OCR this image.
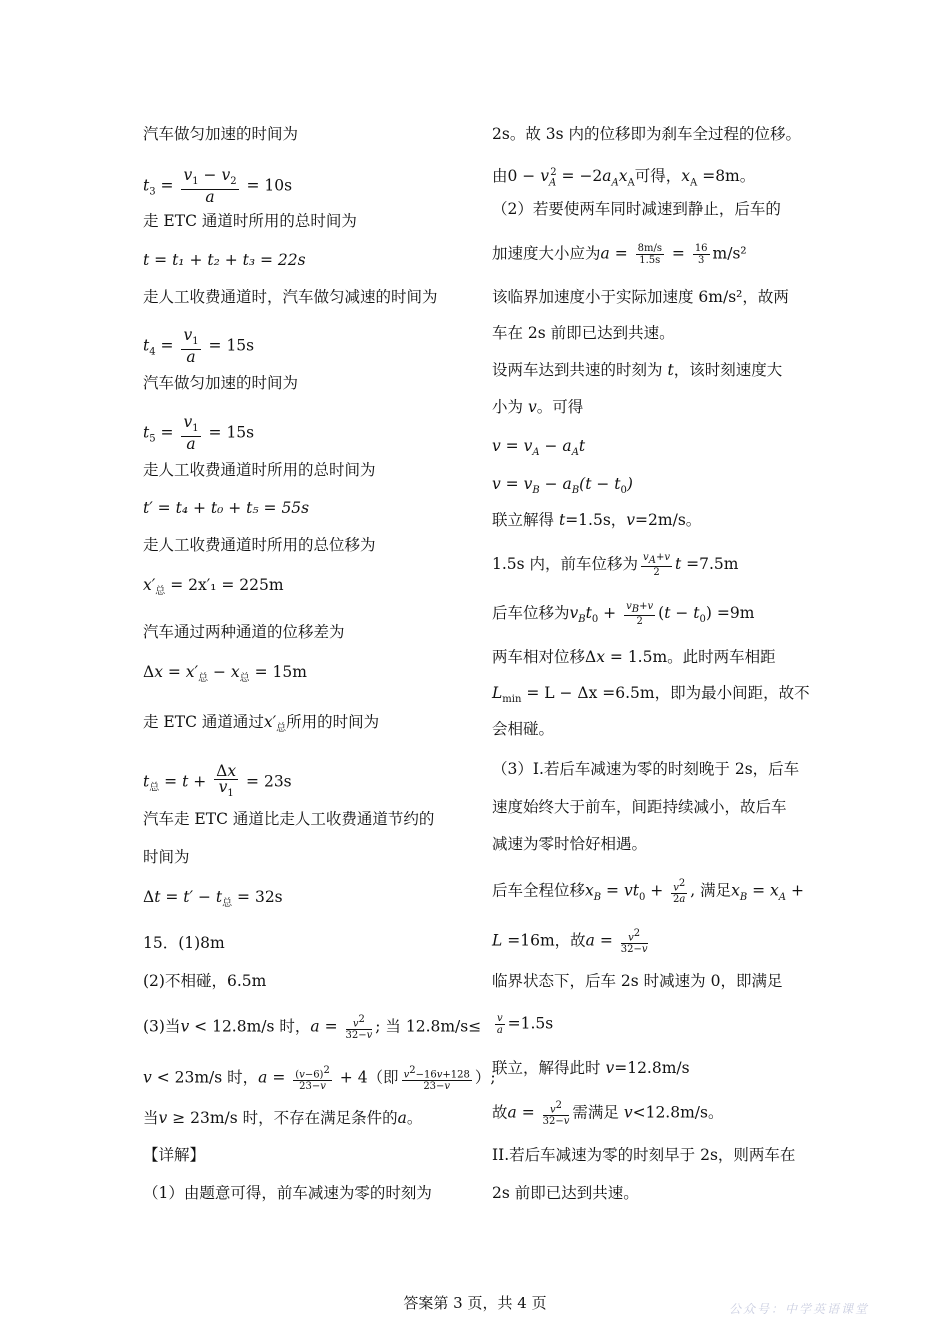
汽车做匀加速的时间为
$t_3 = \frac{v_1 - v_2}{a} = 10s$
走 ETC 通道时所用的总时间为
t = t₁ + t₂ + t₃ = 22s
走人工收费通道时，汽车做匀减速的时间为
$t_4 = \frac{v_1}{a} = 15s$
汽车做匀加速的时间为
$t_5 = \frac{v_1}{a} = 15s$
走人工收费通道时所用的总时间为
t′ = t₄ + t₀ + t₅ = 55s
走人工收费通道时所用的总位移为
$x'_总 = 2x'_1 = 225m$
汽车通过两种通道的位移差为
$\Delta x = x'_总 - x_总 = 15m$
走 ETC 通道通过$x'_总$所用的时间为
$t_总 = t + \frac{\Delta x}{v_1} = 23s$
汽车走 ETC 通道比走人工收费通道节约的
时间为
$\Delta t = t' - t_总 = 32s$
15．(1)8m
(2)不相碰，6.5m
(3)当v < 12.8m/s 时，$a = \frac{v^2}{32-v}$ ; 当 12.8m/s≤
v < 23m/s 时，$a = \frac{(v-6)^2}{23-v} + 4$（即 $\frac{v^2-16v+128}{23-v}$ ）;
当v ≥ 23m/s 时，不存在满足条件的a。
【详解】
（1）由题意可得，前车减速为零的时刻为
2s。故 3s 内的位移即为刹车全过程的位移。
由$0 - v_A^2 = -2a_Ax_A$可得，$x_A =8m$。
（2）若要使两车同时减速到静止，后车的
加速度大小应为$a = \frac{8m/s}{1.5s} = \frac{16}{3} m/s^2$
该临界加速度小于实际加速度 6m/s²，故两
车在 2s 前即已达到共速。
设两车达到共速的时刻为 t，该时刻速度大
小为 v。可得
$v = v_A - a_At$
$v = v_B - a_B(t - t_0)$
联立解得 t=1.5s，v=2m/s。
1.5s 内，前车位移为 $\frac{v_A+v}{2}$ t =7.5m
后车位移为$v_Bt_0 + \frac{v_B+v}{2} (t - t_0) =9m$
两车相对位移Δx = 1.5m。此时两车相距
$L_{min} = L - \Delta x =6.5m$，即为最小间距，故不
会相碰。
（3）I.若后车减速为零的时刻晚于 2s，后车
速度始终大于前车，间距持续减小，故后车
减速为零时恰好相遇。
后车全程位移$x_B = vt_0 + \frac{v^2}{2a}$ , 满足$x_B = x_A$ +
L =16m，故$a = \frac{v^2}{32-v}$
临界状态下，后车 2s 时减速为 0，即满足
$\frac{v}{a} =1.5s$
联立，解得此时 v=12.8m/s
故$a = \frac{v^2}{32-v}$ 需满足 v<12.8m/s。
II.若后车减速为零的时刻早于 2s，则两车在
2s 前即已达到共速。
答案第 3 页，共 4 页	公众号：中学英语课堂
